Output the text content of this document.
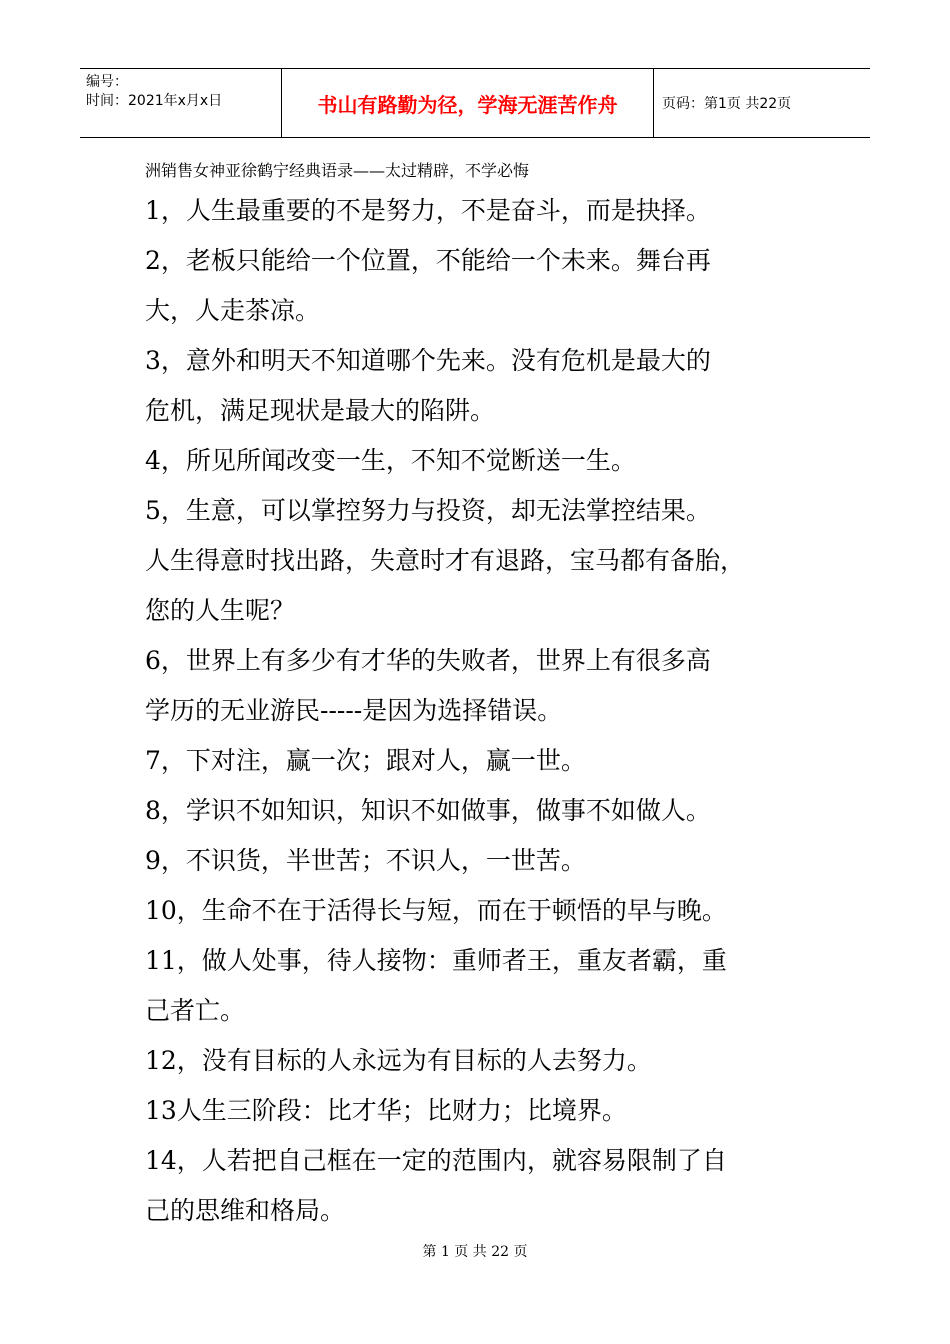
编号：
时间：2021年x月x日	书山有路勤为径，学海无涯苦作舟	页码：第1页 共22页
洲销售女神亚徐鹤宁经典语录——太过精辟，不学必悔
1，人生最重要的不是努力，不是奋斗，而是抉择。
2，老板只能给一个位置，不能给一个未来。舞台再
大，人走茶凉。
3，意外和明天不知道哪个先来。没有危机是最大的
危机，满足现状是最大的陷阱。
4，所见所闻改变一生，不知不觉断送一生。
5，生意，可以掌控努力与投资，却无法掌控结果。
人生得意时找出路，失意时才有退路，宝马都有备胎，
您的人生呢？
6，世界上有多少有才华的失败者，世界上有很多高
学历的无业游民-----是因为选择错误。
7，下对注，赢一次；跟对人，赢一世。
8，学识不如知识，知识不如做事，做事不如做人。
9，不识货，半世苦；不识人，一世苦。
10，生命不在于活得长与短，而在于顿悟的早与晚。
11，做人处事，待人接物：重师者王，重友者霸，重
己者亡。
12，没有目标的人永远为有目标的人去努力。
13人生三阶段：比才华；比财力；比境界。
14，人若把自己框在一定的范围内，就容易限制了自
己的思维和格局。
第 1 页 共 22 页
